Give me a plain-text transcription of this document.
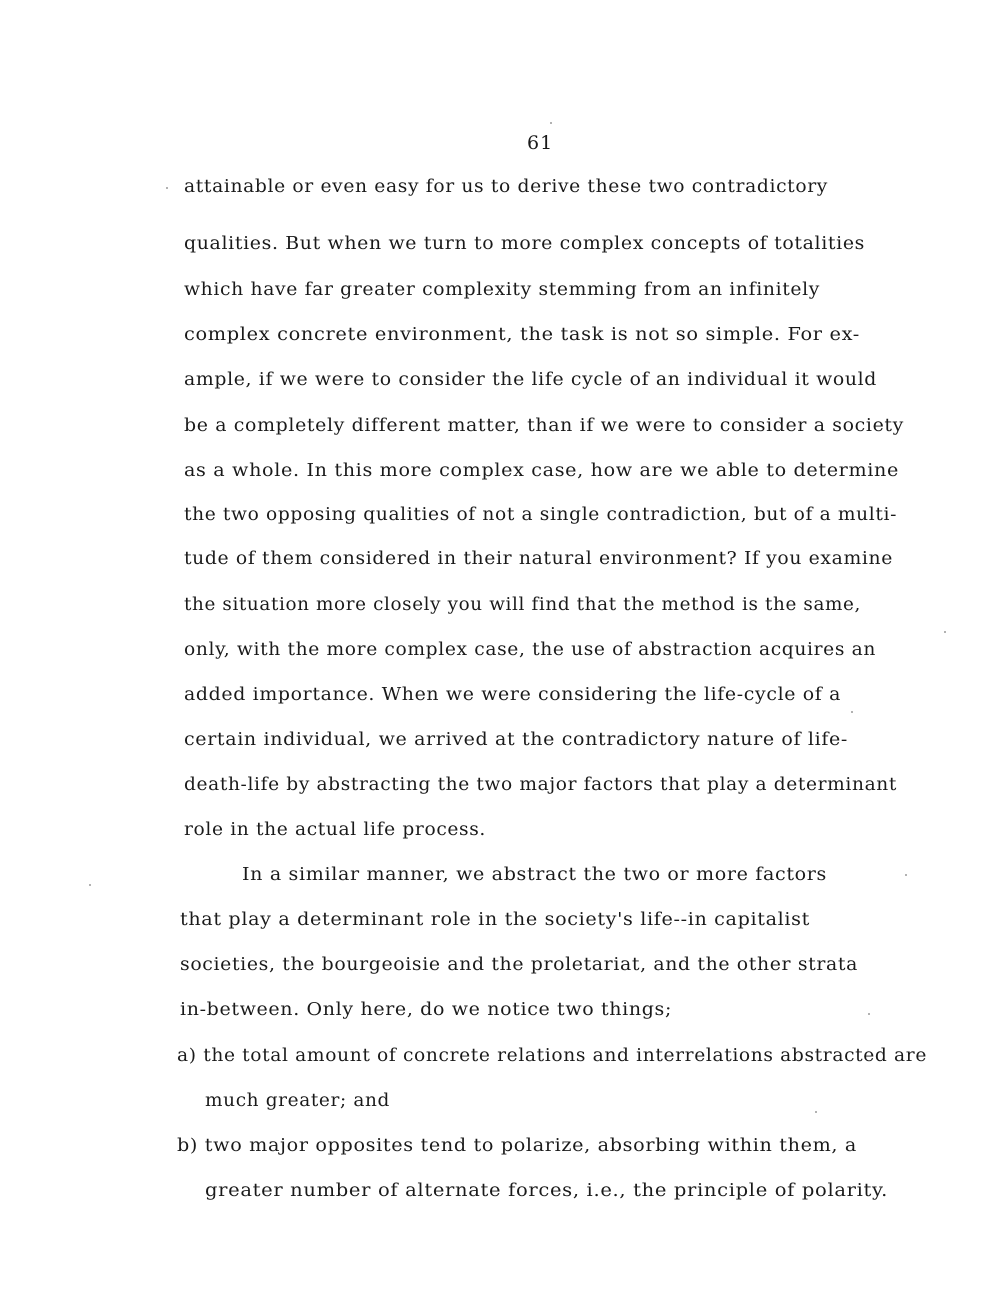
61
attainable or even easy for us to derive these two contradictory
qualities. But when we turn to more complex concepts of totalities
which have far greater complexity stemming from an infinitely
complex concrete environment, the task is not so simple. For ex-
ample, if we were to consider the life cycle of an individual it would
be a completely different matter, than if we were to consider a society
as a whole. In this more complex case, how are we able to determine
the two opposing qualities of not a single contradiction, but of a multi-
tude of them considered in their natural environment? If you examine
the situation more closely you will find that the method is the same,
only, with the more complex case, the use of abstraction acquires an
added importance. When we were considering the life-cycle of a
certain individual, we arrived at the contradictory nature of life-
death-life by abstracting the two major factors that play a determinant
role in the actual life process.
In a similar manner, we abstract the two or more factors
that play a determinant role in the society's life--in capitalist
societies, the bourgeoisie and the proletariat, and the other strata
in-between. Only here, do we notice two things;
a) the total amount of concrete relations and interrelations abstracted are
much greater; and
b) two major opposites tend to polarize, absorbing within them, a
greater number of alternate forces, i.e., the principle of polarity.
